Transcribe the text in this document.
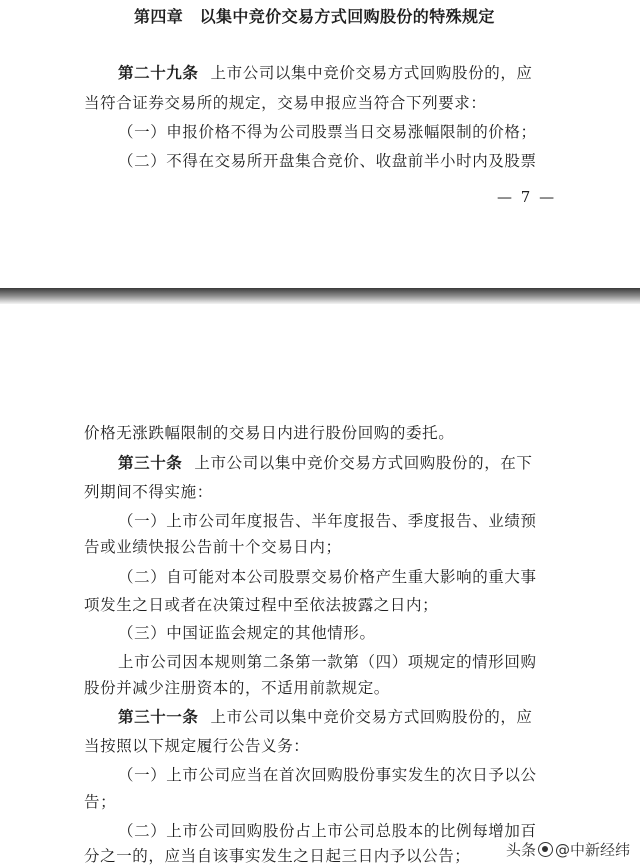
第四章　以集中竞价交易方式回购股份的特殊规定
第二十九条 上市公司以集中竞价交易方式回购股份的，应
当符合证券交易所的规定，交易申报应当符合下列要求：
（一）申报价格不得为公司股票当日交易涨幅限制的价格；
（二）不得在交易所开盘集合竞价、收盘前半小时内及股票
— 7 —
价格无涨跌幅限制的交易日内进行股份回购的委托。
第三十条 上市公司以集中竞价交易方式回购股份的，在下
列期间不得实施：
（一）上市公司年度报告、半年度报告、季度报告、业绩预
告或业绩快报公告前十个交易日内；
（二）自可能对本公司股票交易价格产生重大影响的重大事
项发生之日或者在决策过程中至依法披露之日内；
（三）中国证监会规定的其他情形。
上市公司因本规则第二条第一款第（四）项规定的情形回购
股份并减少注册资本的，不适用前款规定。
第三十一条 上市公司以集中竞价交易方式回购股份的，应
当按照以下规定履行公告义务：
（一）上市公司应当在首次回购股份事实发生的次日予以公
告；
（二）上市公司回购股份占上市公司总股本的比例每增加百
分之一的，应当自该事实发生之日起三日内予以公告； 头条 @ 中新经纬
